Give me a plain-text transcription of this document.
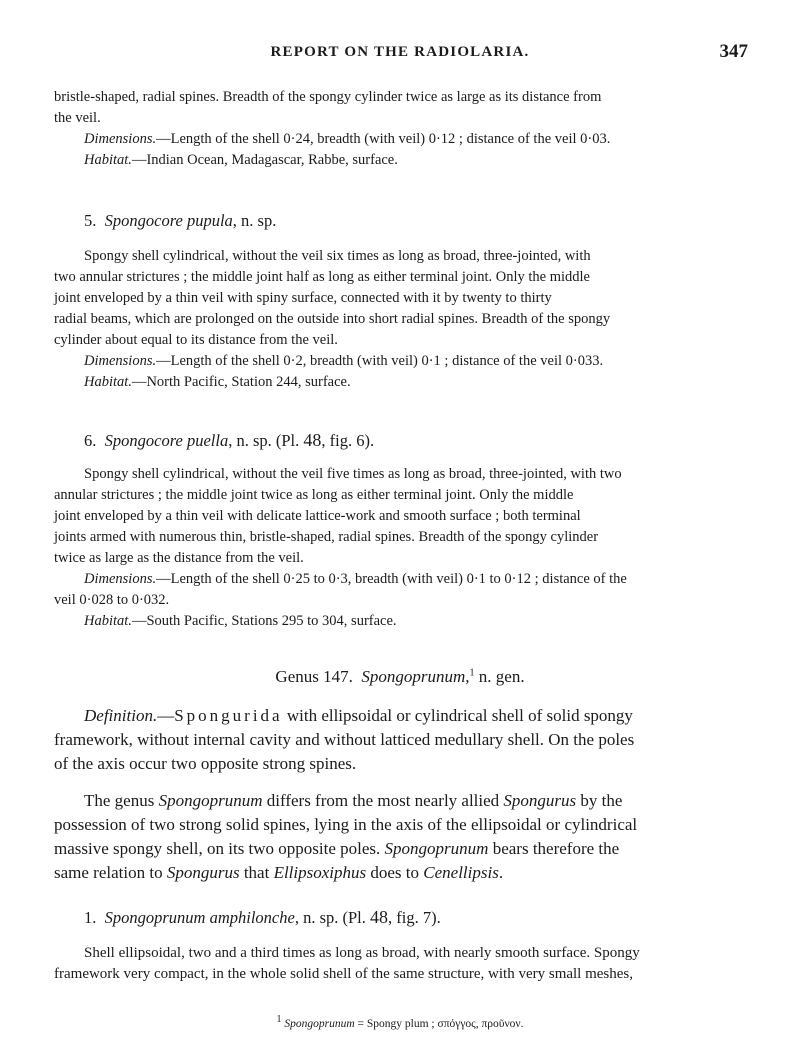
REPORT ON THE RADIOLARIA.	347

bristle-shaped, radial spines. Breadth of the spongy cylinder twice as large as its distance from

the veil.

Dimensions.—Length of the shell 0·24, breadth (with veil) 0·12 ; distance of the veil 0·03.

Habitat.—Indian Ocean, Madagascar, Rabbe, surface.

5. Spongocore pupula, n. sp.

Spongy shell cylindrical, without the veil six times as long as broad, three-jointed, with

two annular strictures ; the middle joint half as long as either terminal joint. Only the middle

joint enveloped by a thin veil with spiny surface, connected with it by twenty to thirty

radial beams, which are prolonged on the outside into short radial spines. Breadth of the spongy

cylinder about equal to its distance from the veil.

Dimensions.—Length of the shell 0·2, breadth (with veil) 0·1 ; distance of the veil 0·033.

Habitat.—North Pacific, Station 244, surface.

6. Spongocore puella, n. sp. (Pl. 48, fig. 6).

Spongy shell cylindrical, without the veil five times as long as broad, three-jointed, with two

annular strictures ; the middle joint twice as long as either terminal joint. Only the middle

joint enveloped by a thin veil with delicate lattice-work and smooth surface ; both terminal

joints armed with numerous thin, bristle-shaped, radial spines. Breadth of the spongy cylinder

twice as large as the distance from the veil.

Dimensions.—Length of the shell 0·25 to 0·3, breadth (with veil) 0·1 to 0·12 ; distance of the

veil 0·028 to 0·032.

Habitat.—South Pacific, Stations 295 to 304, surface.

Genus 147. Spongoprunum,$^1$ n. gen.

Definition.—Spongurida with ellipsoidal or cylindrical shell of solid spongy

framework, without internal cavity and without latticed medullary shell. On the poles

of the axis occur two opposite strong spines.

The genus Spongoprunum differs from the most nearly allied Spongurus by the

possession of two strong solid spines, lying in the axis of the ellipsoidal or cylindrical

massive spongy shell, on its two opposite poles. Spongoprunum bears therefore the

same relation to Spongurus that Ellipsoxiphus does to Cenellipsis.

1. Spongoprunum amphilonche, n. sp. (Pl. 48, fig. 7).

Shell ellipsoidal, two and a third times as long as broad, with nearly smooth surface. Spongy

framework very compact, in the whole solid shell of the same structure, with very small meshes,

1 Spongoprunum = Spongy plum ; σπόγγος, προῦνον.
